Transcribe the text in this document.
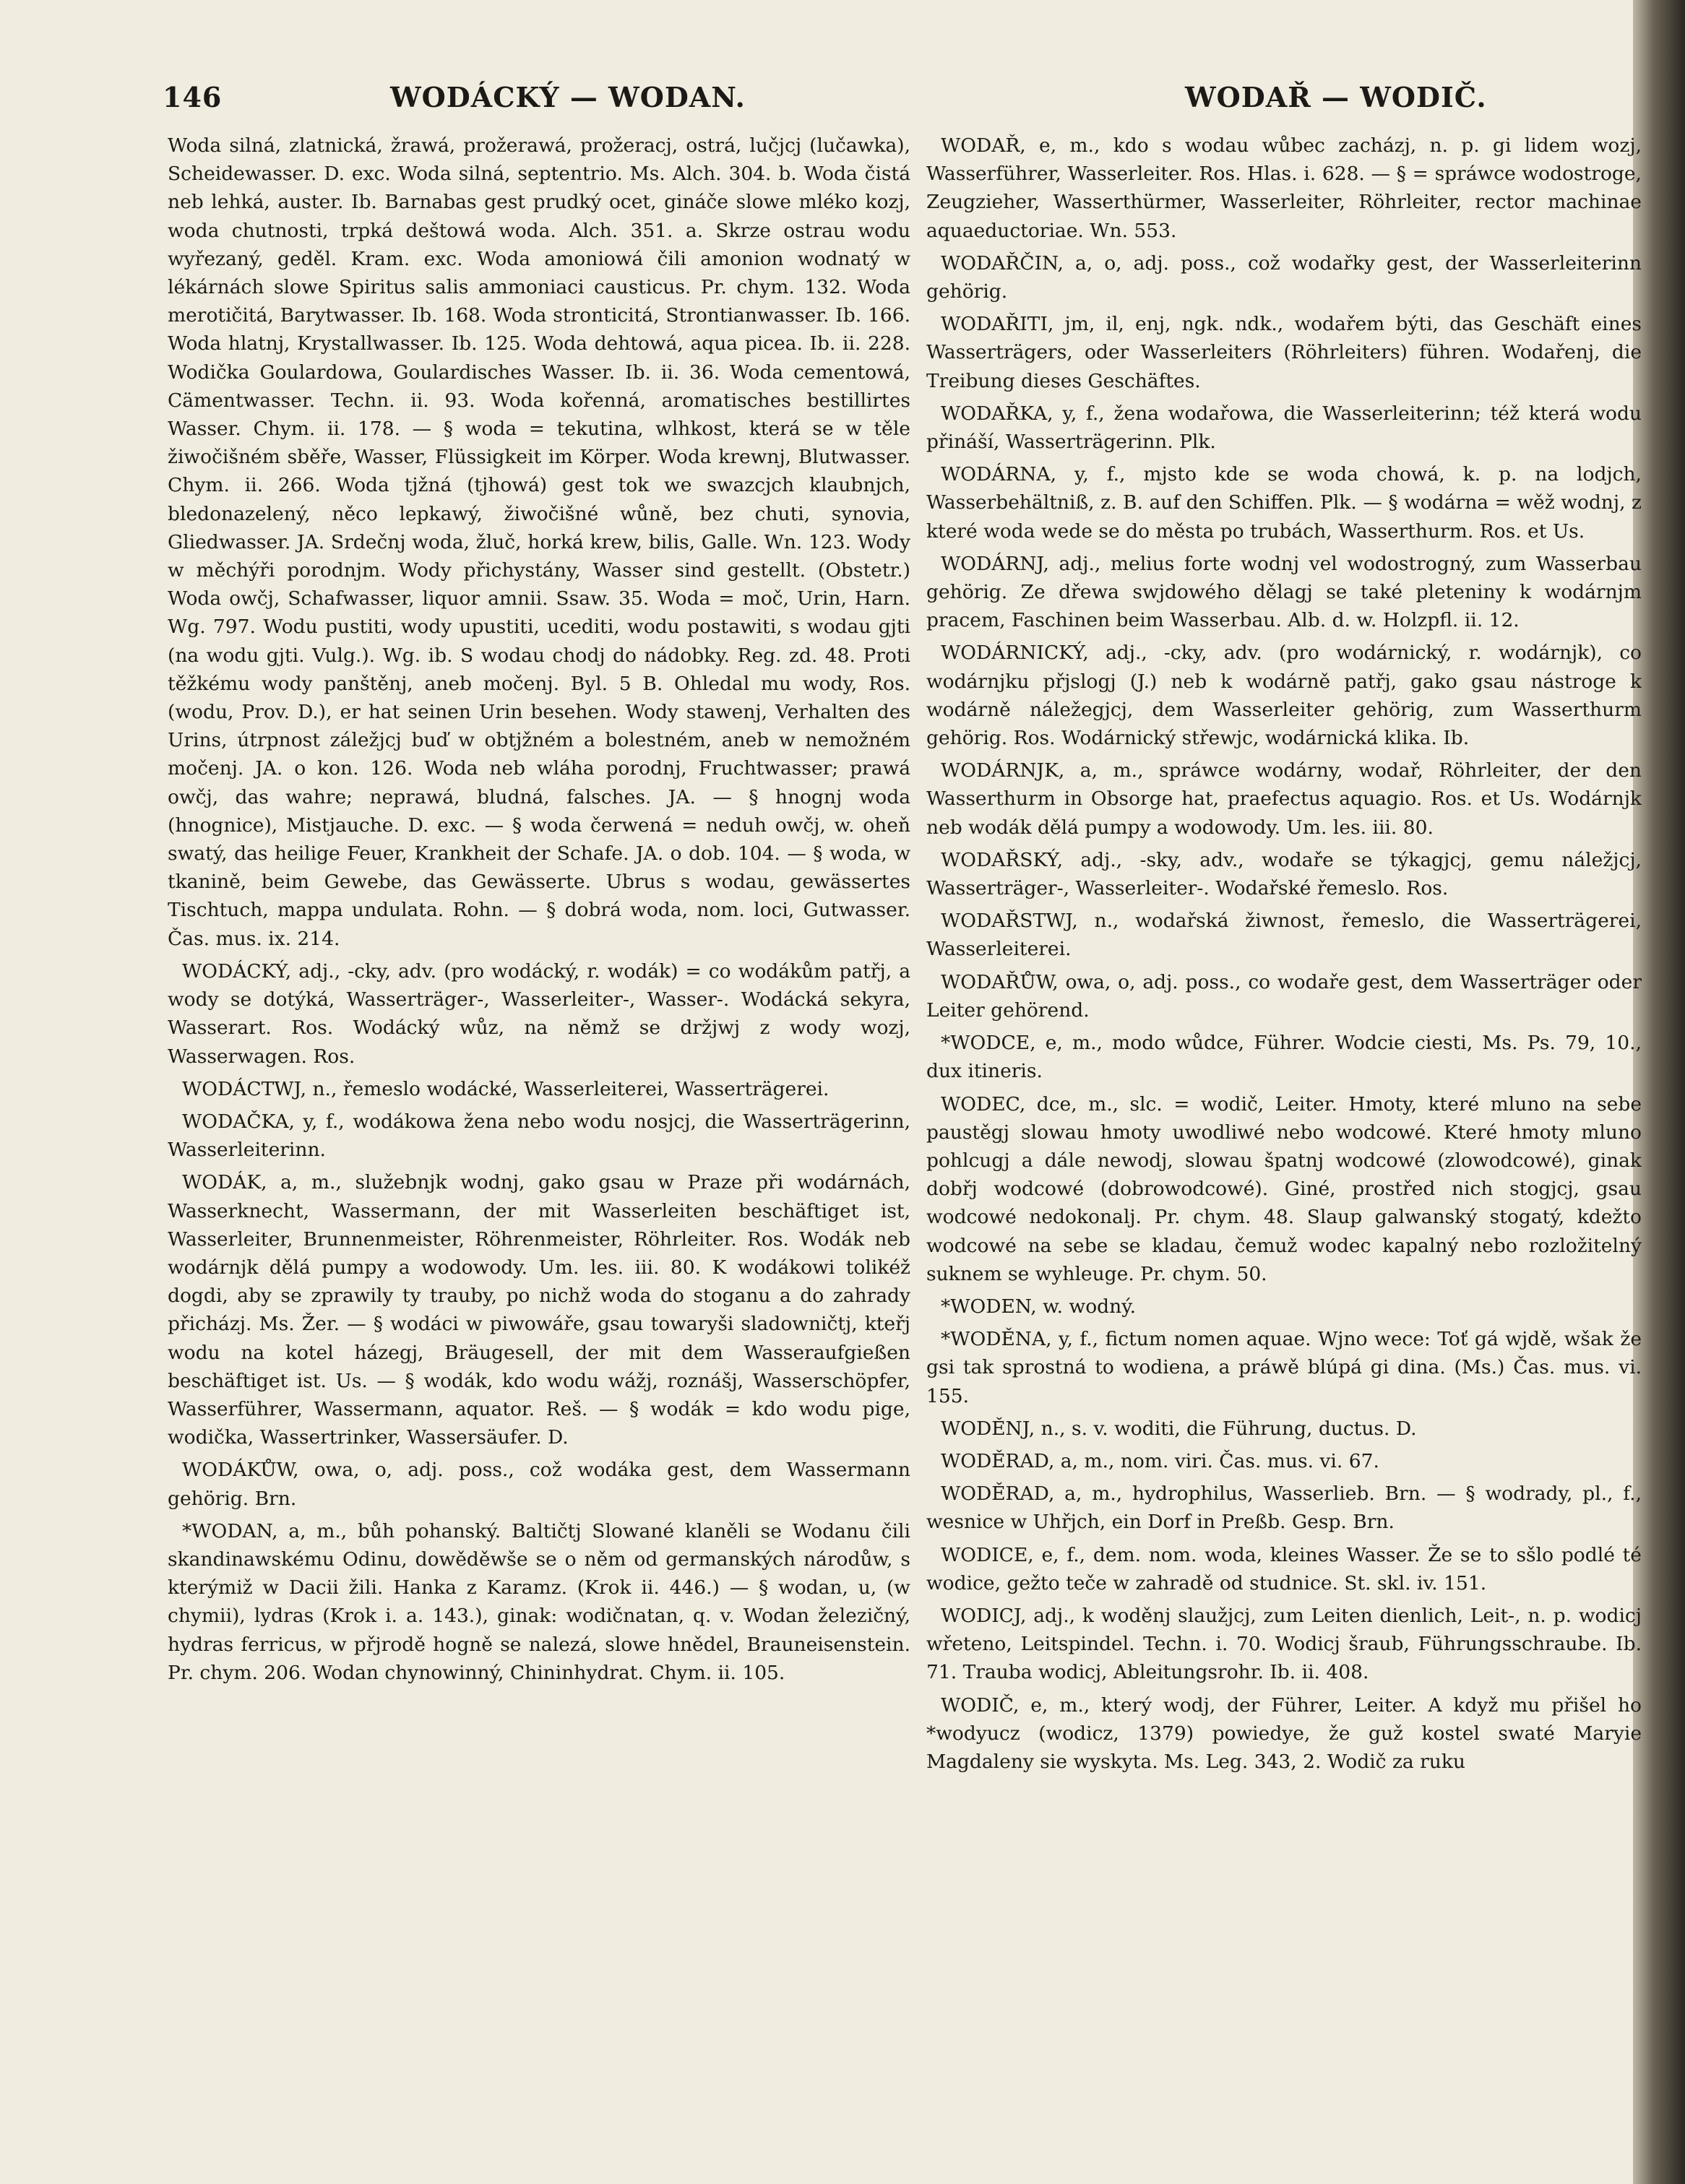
146	WODÁCKÝ — WODAN.	WODAŘ — WODIČ.

Woda silná, zlatnická, žrawá, prožerawá, prožeracj, ostrá, lučjcj (lučawka), Scheidewasser. D. exc. Woda silná, septentrio. Ms. Alch. 304. b. Woda čistá neb lehká, auster. Ib. Barnabas gest prudký ocet, gináče slowe mléko kozj, woda chutnosti, trpká deštowá woda. Alch. 351. a. Skrze ostrau wodu wyřezaný, geděl. Kram. exc. Woda amoniowá čili amonion wodnatý w lékárnách slowe Spiritus salis ammoniaci causticus. Pr. chym. 132. Woda merotičitá, Barytwasser. Ib. 168. Woda stronticitá, Strontianwasser. Ib. 166. Woda hlatnj, Krystallwasser. Ib. 125. Woda dehtowá, aqua picea. Ib. ii. 228. Wodička Goulardowa, Goulardisches Wasser. Ib. ii. 36. Woda cementowá, Cämentwasser. Techn. ii. 93. Woda kořenná, aromatisches bestillirtes Wasser. Chym. ii. 178. — § woda = tekutina, wlhkost, která se w těle žiwočišném sběře, Wasser, Flüssigkeit im Körper. Woda krewnj, Blutwasser. Chym. ii. 266. Woda tjžná (tjhowá) gest tok we swazcjch klaubnjch, bledonazelený, něco lepkawý, žiwočišné wůně, bez chuti, synovia, Gliedwasser. JA. Srdečnj woda, žluč, horká krew, bilis, Galle. Wn. 123. Wody w měchýři porodnjm. Wody přichystány, Wasser sind gestellt. (Obstetr.) Woda owčj, Schafwasser, liquor amnii. Ssaw. 35. Woda = moč, Urin, Harn. Wg. 797. Wodu pustiti, wody upustiti, ucediti, wodu postawiti, s wodau gjti (na wodu gjti. Vulg.). Wg. ib. S wodau chodj do nádobky. Reg. zd. 48. Proti těžkému wody panštěnj, aneb močenj. Byl. 5 B. Ohledal mu wody, Ros. (wodu, Prov. D.), er hat seinen Urin besehen. Wody stawenj, Verhalten des Urins, útrpnost záležjcj buď w obtjžném a bolestném, aneb w nemožném močenj. JA. o kon. 126. Woda neb wláha porodnj, Fruchtwasser; prawá owčj, das wahre; neprawá, bludná, falsches. JA. — § hnognj woda (hnognice), Mistjauche. D. exc. — § woda čerwená = neduh owčj, w. oheň swatý, das heilige Feuer, Krankheit der Schafe. JA. o dob. 104. — § woda, w tkanině, beim Gewebe, das Gewässerte. Ubrus s wodau, gewässertes Tischtuch, mappa undulata. Rohn. — § dobrá woda, nom. loci, Gutwasser. Čas. mus. ix. 214.

WODÁCKÝ, adj., -cky, adv. (pro wodácký, r. wodák) = co wodákům patřj, a wody se dotýká, Wasserträger-, Wasserleiter-, Wasser-. Wodácká sekyra, Wasserart. Ros. Wodácký wůz, na němž se držjwj z wody wozj, Wasserwagen. Ros.

WODÁCTWJ, n., řemeslo wodácké, Wasserleiterei, Wasserträgerei.

WODAČKA, y, f., wodákowa žena nebo wodu nosjcj, die Wasserträgerinn, Wasserleiterinn.

WODÁK, a, m., služebnjk wodnj, gako gsau w Praze při wodárnách, Wasserknecht, Wassermann, der mit Wasserleiten beschäftiget ist, Wasserleiter, Brunnenmeister, Röhrenmeister, Röhrleiter. Ros. Wodák neb wodárnjk dělá pumpy a wodowody. Um. les. iii. 80. K wodákowi tolikéž dogdi, aby se zprawily ty trauby, po nichž woda do stoganu a do zahrady přicházj. Ms. Žer. — § wodáci w piwowáře, gsau towaryši sladowničtj, kteřj wodu na kotel házegj, Bräugesell, der mit dem Wasseraufgießen beschäftiget ist. Us. — § wodák, kdo wodu wážj, roznášj, Wasserschöpfer, Wasserführer, Wassermann, aquator. Reš. — § wodák = kdo wodu pige, wodička, Wassertrinker, Wassersäufer. D.

WODÁKŮW, owa, o, adj. poss., což wodáka gest, dem Wassermann gehörig. Brn.

*WODAN, a, m., bůh pohanský. Baltičtj Slowané klaněli se Wodanu čili skandinawskému Odinu, dowěděwše se o něm od germanských národůw, s kterýmiž w Dacii žili. Hanka z Karamz. (Krok ii. 446.) — § wodan, u, (w chymii), lydras (Krok i. a. 143.), ginak: wodičnatan, q. v. Wodan železičný, hydras ferricus, w přjrodě hogně se nalezá, slowe hnědel, Brauneisenstein. Pr. chym. 206. Wodan chynowinný, Chininhydrat. Chym. ii. 105.

WODAŘ, e, m., kdo s wodau wůbec zacházj, n. p. gi lidem wozj, Wasserführer, Wasserleiter. Ros. Hlas. i. 628. — § = spráwce wodostroge, Zeugzieher, Wasserthürmer, Wasserleiter, Röhrleiter, rector machinae aquaeductoriae. Wn. 553.

WODAŘČIN, a, o, adj. poss., což wodařky gest, der Wasserleiterinn gehörig.

WODAŘITI, jm, il, enj, ngk. ndk., wodařem býti, das Geschäft eines Wasserträgers, oder Wasserleiters (Röhrleiters) führen. Wodařenj, die Treibung dieses Geschäftes.

WODAŘKA, y, f., žena wodařowa, die Wasserleiterinn; též která wodu přináší, Wasserträgerinn. Plk.

WODÁRNA, y, f., mjsto kde se woda chowá, k. p. na lodjch, Wasserbehältniß, z. B. auf den Schiffen. Plk. — § wodárna = wěž wodnj, z které woda wede se do města po trubách, Wasserthurm. Ros. et Us.

WODÁRNJ, adj., melius forte wodnj vel wodostrogný, zum Wasserbau gehörig. Ze dřewa swjdowého dělagj se také pleteniny k wodárnjm pracem, Faschinen beim Wasserbau. Alb. d. w. Holzpfl. ii. 12.

WODÁRNICKÝ, adj., -cky, adv. (pro wodárnický, r. wodárnjk), co wodárnjku přjslogj (J.) neb k wodárně patřj, gako gsau nástroge k wodárně náležegjcj, dem Wasserleiter gehörig, zum Wasserthurm gehörig. Ros. Wodárnický střewjc, wodárnická klika. Ib.

WODÁRNJK, a, m., spráwce wodárny, wodař, Röhrleiter, der den Wasserthurm in Obsorge hat, praefectus aquagio. Ros. et Us. Wodárnjk neb wodák dělá pumpy a wodowody. Um. les. iii. 80.

WODAŘSKÝ, adj., -sky, adv., wodaře se týkagjcj, gemu náležjcj, Wasserträger-, Wasserleiter-. Wodařské řemeslo. Ros.

WODAŘSTWJ, n., wodařská žiwnost, řemeslo, die Wasserträgerei, Wasserleiterei.

WODAŘŮW, owa, o, adj. poss., co wodaře gest, dem Wasserträger oder Leiter gehörend.

*WODCE, e, m., modo wůdce, Führer. Wodcie ciesti, Ms. Ps. 79, 10., dux itineris.

WODEC, dce, m., slc. = wodič, Leiter. Hmoty, které mluno na sebe paustěgj slowau hmoty uwodliwé nebo wodcowé. Které hmoty mluno pohlcugj a dále newodj, slowau špatnj wodcowé (zlowodcowé), ginak dobřj wodcowé (dobrowodcowé). Giné, prostřed nich stogjcj, gsau wodcowé nedokonalj. Pr. chym. 48. Slaup galwanský stogatý, kdežto wodcowé na sebe se kladau, čemuž wodec kapalný nebo rozložitelný suknem se wyhleuge. Pr. chym. 50.

*WODEN, w. wodný.

*WODĚNA, y, f., fictum nomen aquae. Wjno wece: Toť gá wjdě, wšak že gsi tak sprostná to wodiena, a práwě blúpá gi dina. (Ms.) Čas. mus. vi. 155.

WODĚNJ, n., s. v. woditi, die Führung, ductus. D.

WODĚRAD, a, m., nom. viri. Čas. mus. vi. 67.

WODĚRAD, a, m., hydrophilus, Wasserlieb. Brn. — § wodrady, pl., f., wesnice w Uhřjch, ein Dorf in Preßb. Gesp. Brn.

WODICE, e, f., dem. nom. woda, kleines Wasser. Že se to sšlo podlé té wodice, gežto teče w zahradě od studnice. St. skl. iv. 151.

WODICJ, adj., k woděnj slaužjcj, zum Leiten dienlich, Leit-, n. p. wodicj wřeteno, Leitspindel. Techn. i. 70. Wodicj šraub, Führungsschraube. Ib. 71. Trauba wodicj, Ableitungsrohr. Ib. ii. 408.

WODIČ, e, m., který wodj, der Führer, Leiter. A když mu přišel ho *wodyucz (wodicz, 1379) powiedye, že guž kostel swaté Maryie Magdaleny sie wyskyta. Ms. Leg. 343, 2. Wodič za ruku
